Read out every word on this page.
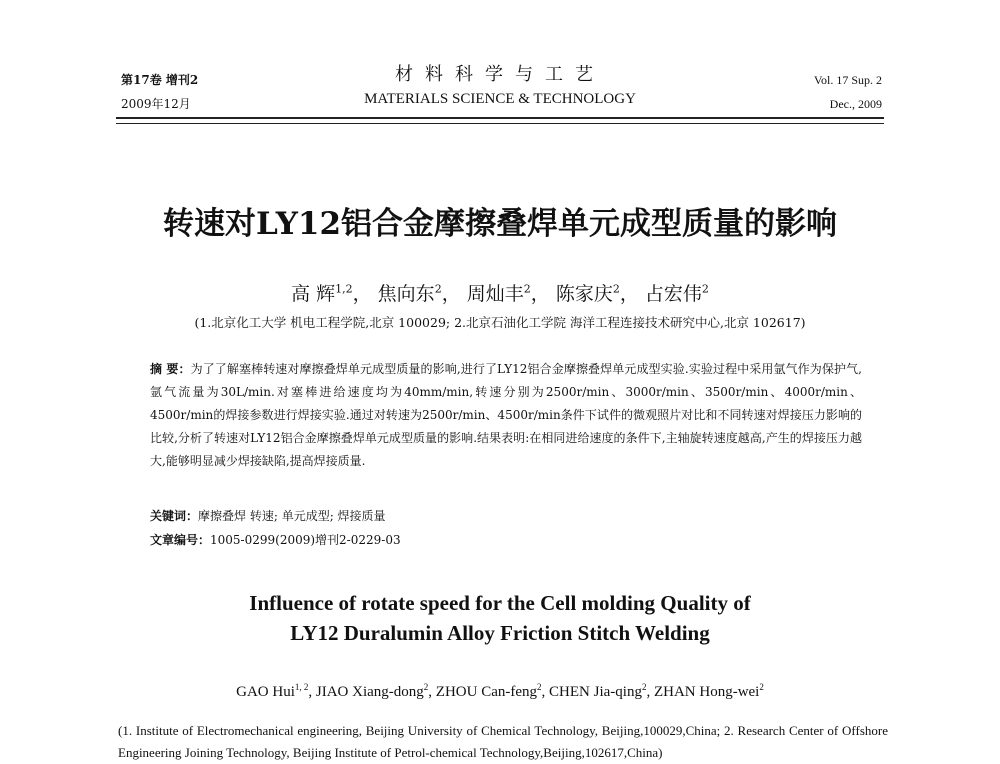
第17卷 增刊2
2009年12月
材料科学与工艺
MATERIALS SCIENCE & TECHNOLOGY
Vol. 17 Sup. 2
Dec., 2009
转速对LY12铝合金摩擦叠焊单元成型质量的影响
高 辉$^{1,2}$， 焦向东$^2$， 周灿丰$^2$， 陈家庆$^2$， 占宏伟$^2$
(1.北京化工大学 机电工程学院,北京 100029; 2.北京石油化工学院 海洋工程连接技术研究中心,北京 102617)
摘 要：为了了解塞棒转速对摩擦叠焊单元成型质量的影响,进行了LY12铝合金摩擦叠焊单元成型实验.实验过程中采用氩气作为保护气,氩气流量为30L/min.对塞棒进给速度均为40mm/min,转速分别为2500r/min、3000r/min、3500r/min、4000r/min、4500r/min的焊接参数进行焊接实验.通过对转速为2500r/min、4500r/min条件下试件的微观照片对比和不同转速对焊接压力影响的比较,分析了转速对LY12铝合金摩擦叠焊单元成型质量的影响.结果表明:在相同进给速度的条件下,主轴旋转速度越高,产生的焊接压力越大,能够明显减少焊接缺陷,提高焊接质量.
关键词：摩擦叠焊 转速; 单元成型; 焊接质量
文章编号：1005-0299(2009)增刊2-0229-03
Influence of rotate speed for the Cell molding Quality of
LY12 Duralumin Alloy Friction Stitch Welding
GAO Hui$^{1, 2}$, JIAO Xiang-dong$^2$, ZHOU Can-feng$^2$, CHEN Jia-qing$^2$, ZHAN Hong-wei$^2$
(1. Institute of Electromechanical engineering, Beijing University of Chemical Technology, Beijing,100029,China; 2. Research Center of Offshore Engineering Joining Technology, Beijing Institute of Petrol-chemical Technology,Beijing,102617,China)
